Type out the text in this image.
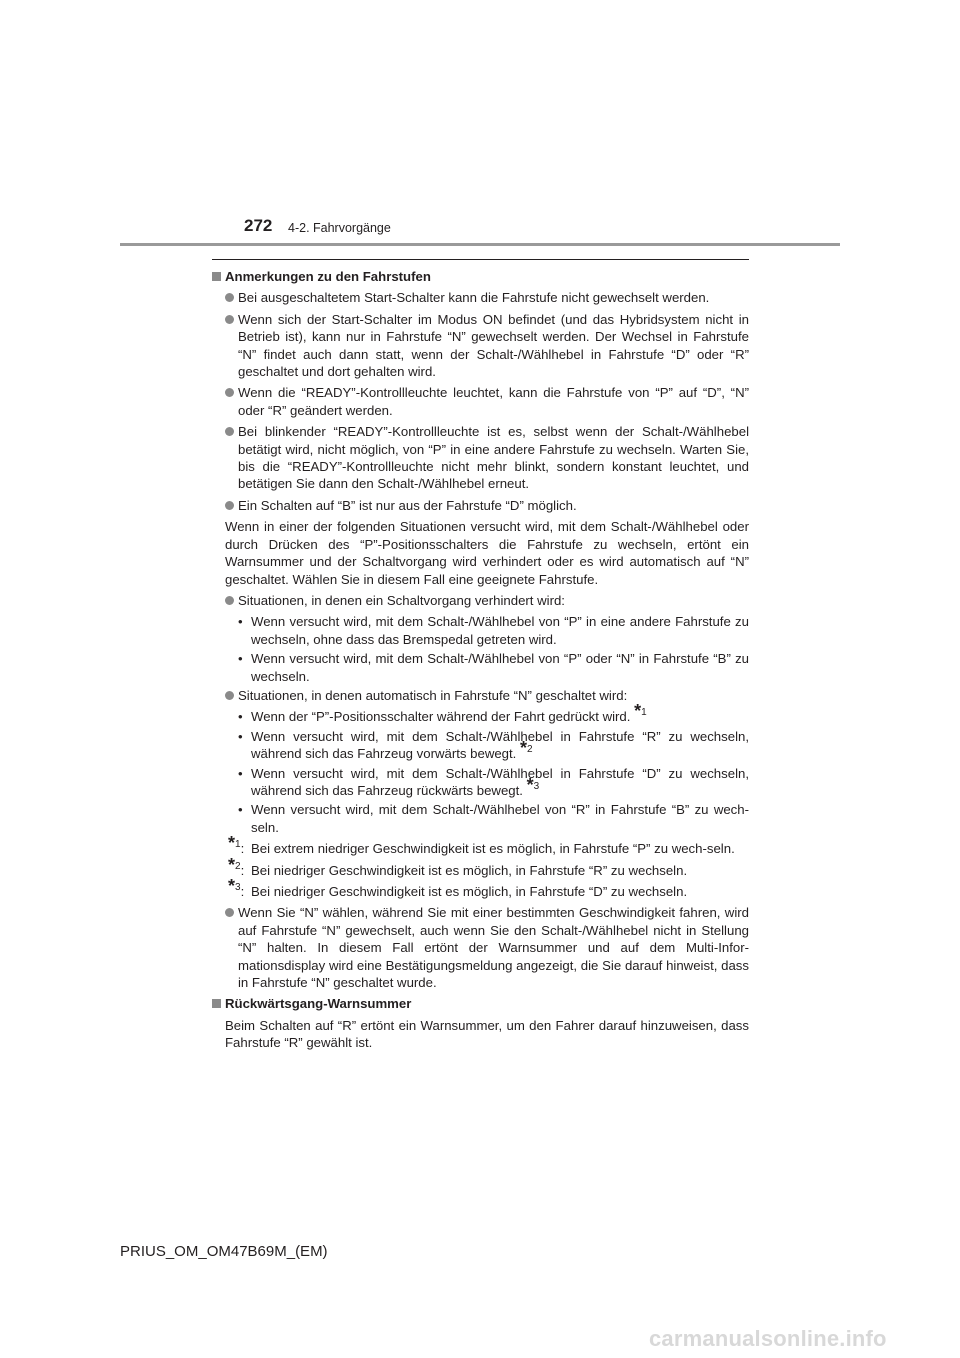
272 4-2. Fahrvorgänge
Anmerkungen zu den Fahrstufen
Bei ausgeschaltetem Start-Schalter kann die Fahrstufe nicht gewechselt werden.
Wenn sich der Start-Schalter im Modus ON befindet (und das Hybridsystem nicht in Betrieb ist), kann nur in Fahrstufe “N” gewechselt werden. Der Wechsel in Fahrstufe “N” findet auch dann statt, wenn der Schalt-/Wählhebel in Fahrstufe “D” oder “R” geschaltet und dort gehalten wird.
Wenn die “READY”-Kontrollleuchte leuchtet, kann die Fahrstufe von “P” auf “D”, “N” oder “R” geändert werden.
Bei blinkender “READY”-Kontrollleuchte ist es, selbst wenn der Schalt-/Wählhebel betätigt wird, nicht möglich, von “P” in eine andere Fahrstufe zu wechseln. Warten Sie, bis die “READY”-Kontrollleuchte nicht mehr blinkt, sondern konstant leuchtet, und betätigen Sie dann den Schalt-/Wählhebel erneut.
Ein Schalten auf “B” ist nur aus der Fahrstufe “D” möglich.
Wenn in einer der folgenden Situationen versucht wird, mit dem Schalt-/Wählhebel oder durch Drücken des “P”-Positionsschalters die Fahrstufe zu wechseln, ertönt ein Warnsummer und der Schaltvorgang wird verhindert oder es wird automatisch auf “N” geschaltet. Wählen Sie in diesem Fall eine geeignete Fahrstufe.
Situationen, in denen ein Schaltvorgang verhindert wird:
• Wenn versucht wird, mit dem Schalt-/Wählhebel von “P” in eine andere Fahrstufe zu wechseln, ohne dass das Bremspedal getreten wird.
• Wenn versucht wird, mit dem Schalt-/Wählhebel von “P” oder “N” in Fahrstufe “B” zu wechseln.
Situationen, in denen automatisch in Fahrstufe “N” geschaltet wird:
• Wenn der “P”-Positionsschalter während der Fahrt gedrückt wird. *$^1$
• Wenn versucht wird, mit dem Schalt-/Wählhebel in Fahrstufe “R” zu wechseln, während sich das Fahrzeug vorwärts bewegt. *$^2$
• Wenn versucht wird, mit dem Schalt-/Wählhebel in Fahrstufe “D” zu wechseln, während sich das Fahrzeug rückwärts bewegt. *$^3$
• Wenn versucht wird, mit dem Schalt-/Wählhebel von “R” in Fahrstufe “B” zu wech-seln.
*$^1$: Bei extrem niedriger Geschwindigkeit ist es möglich, in Fahrstufe “P” zu wech-seln.
*$^2$: Bei niedriger Geschwindigkeit ist es möglich, in Fahrstufe “R” zu wechseln.
*$^3$: Bei niedriger Geschwindigkeit ist es möglich, in Fahrstufe “D” zu wechseln.
Wenn Sie “N” wählen, während Sie mit einer bestimmten Geschwindigkeit fahren, wird auf Fahrstufe “N” gewechselt, auch wenn Sie den Schalt-/Wählhebel nicht in Stellung “N” halten. In diesem Fall ertönt der Warnsummer und auf dem Multi-Infor-mationsdisplay wird eine Bestätigungsmeldung angezeigt, die Sie darauf hinweist, dass in Fahrstufe “N” geschaltet wurde.
Rückwärtsgang-Warnsummer
Beim Schalten auf “R” ertönt ein Warnsummer, um den Fahrer darauf hinzuweisen, dass Fahrstufe “R” gewählt ist.
PRIUS_OM_OM47B69M_(EM)
carmanualsonline.info
